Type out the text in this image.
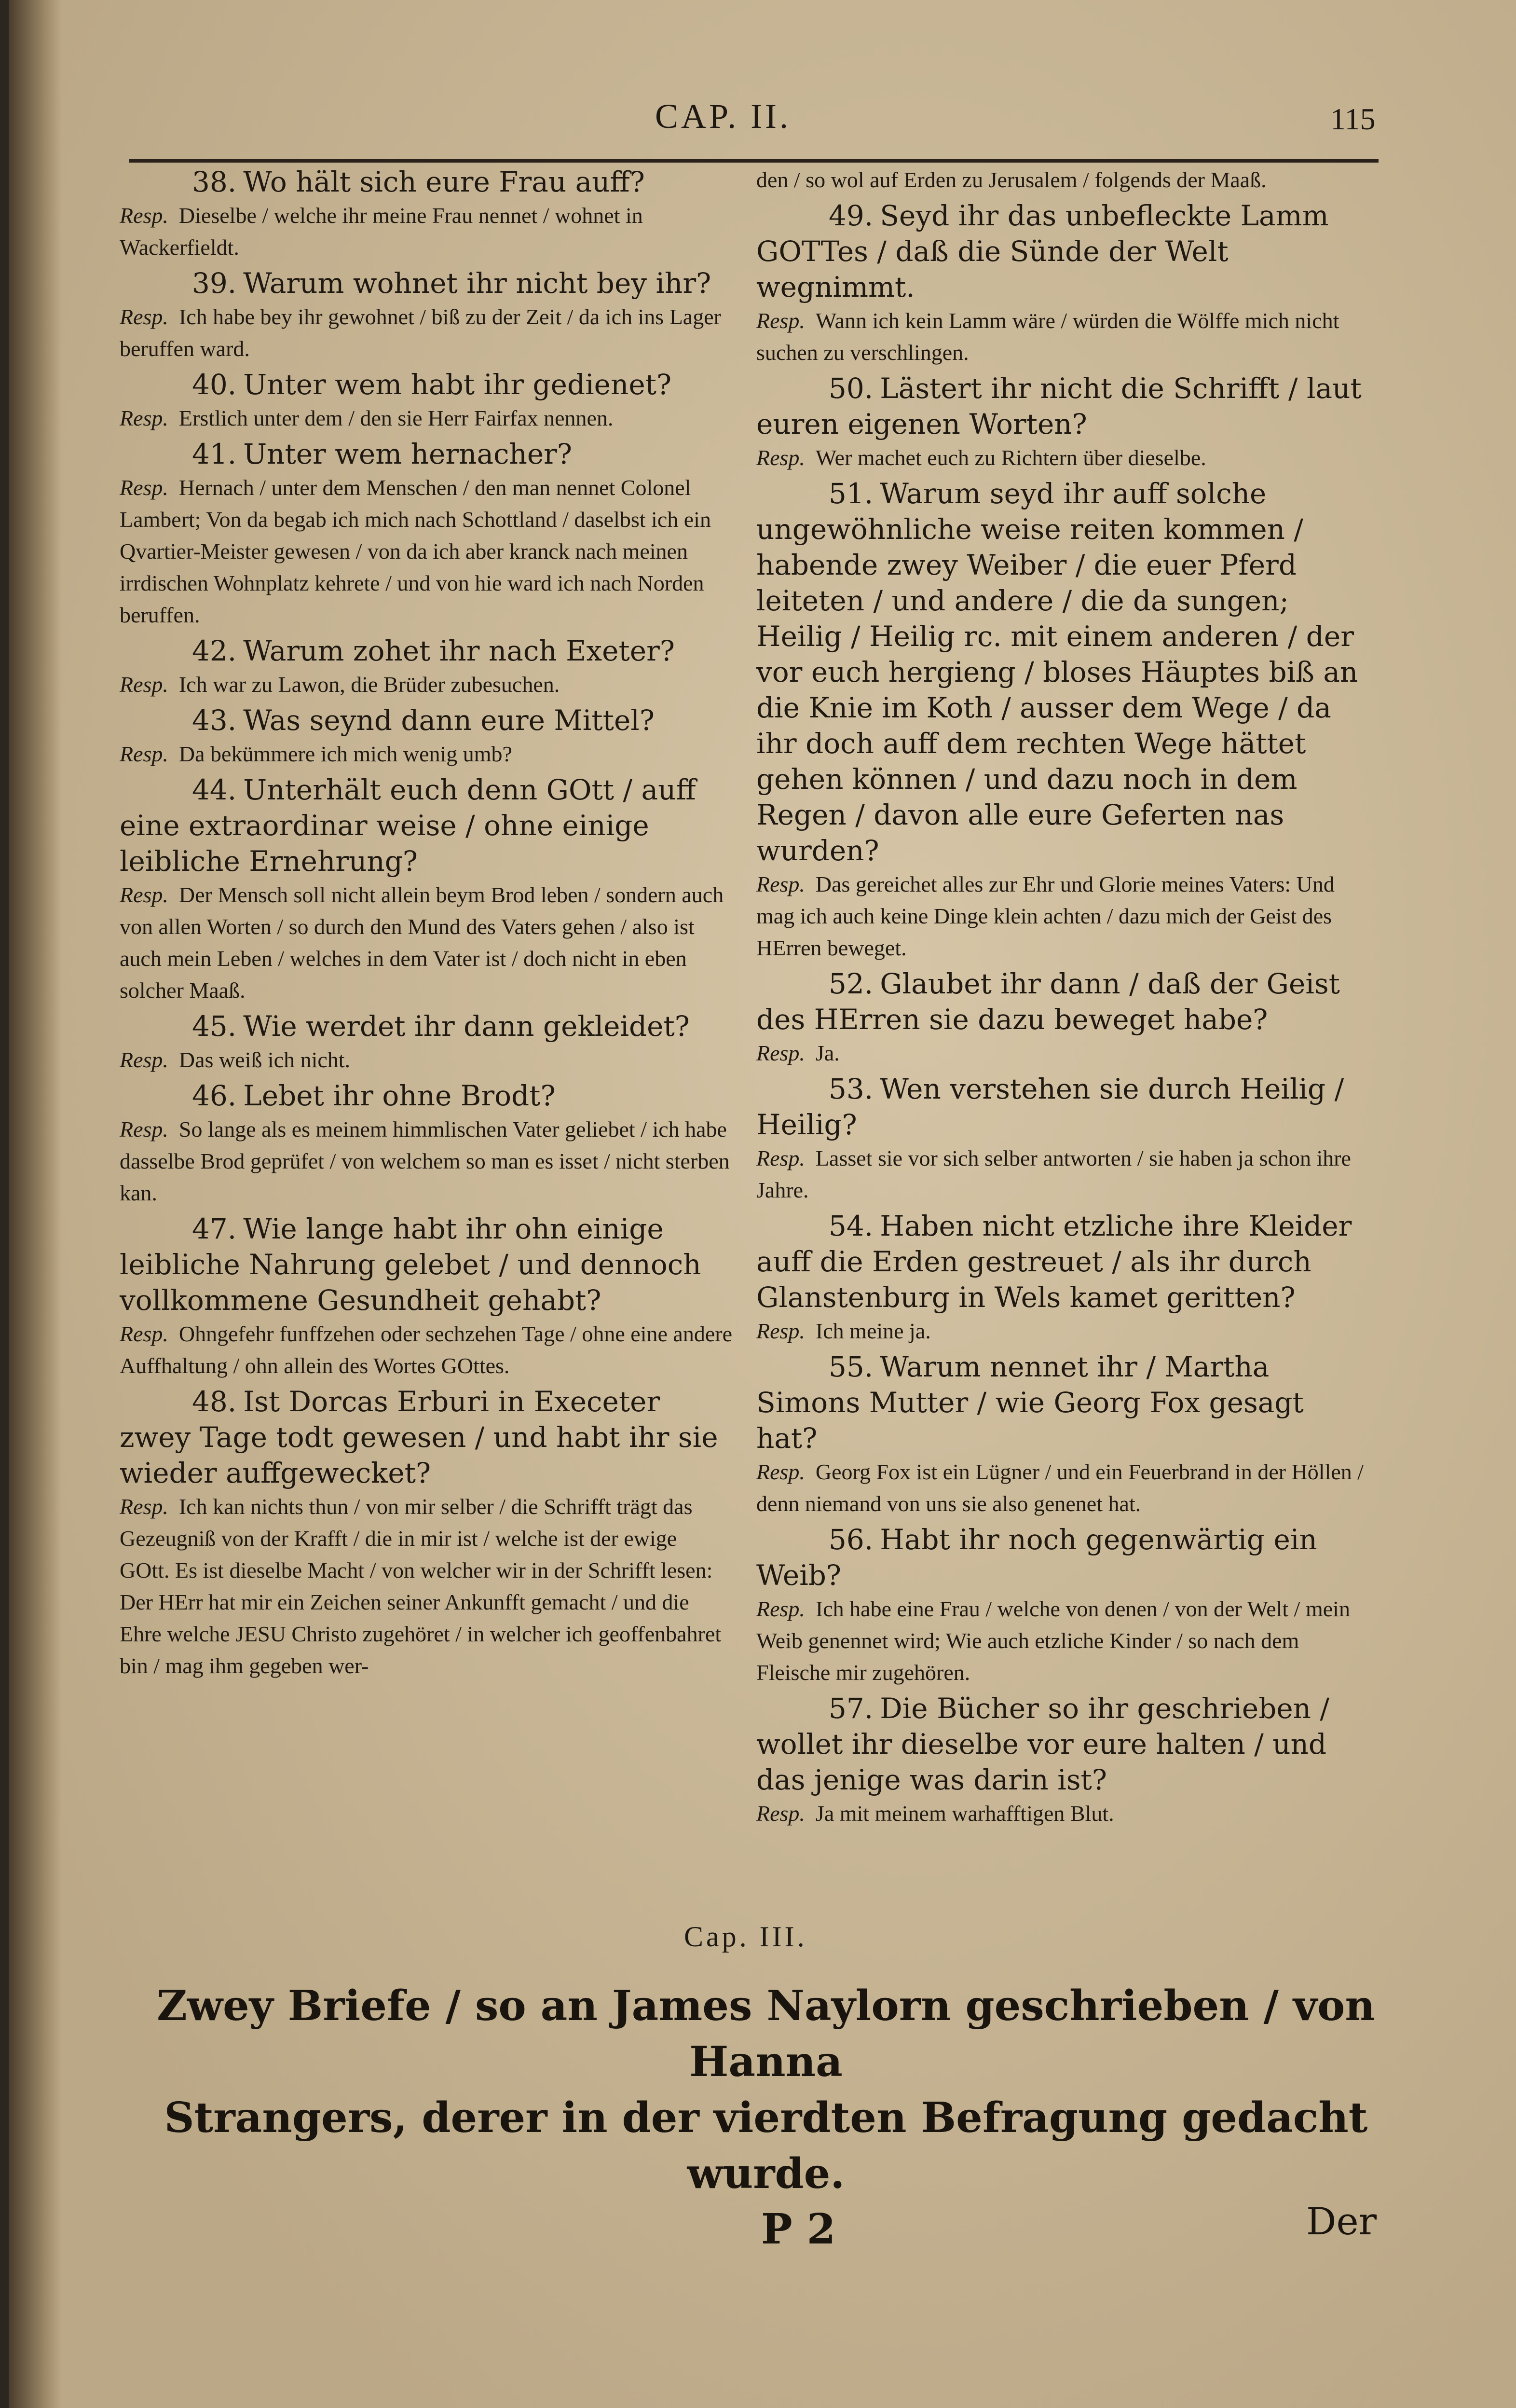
CAP. II.	115

38. Wo hält sich eure Frau auff?

Resp. Dieselbe / welche ihr meine Frau nennet / wohnet in Wackerfieldt.

39. Warum wohnet ihr nicht bey ihr?

Resp. Ich habe bey ihr gewohnet / biß zu der Zeit / da ich ins Lager beruffen ward.

40. Unter wem habt ihr gedienet?

Resp. Erstlich unter dem / den sie Herr Fairfax nennen.

41. Unter wem hernacher?

Resp. Hernach / unter dem Menschen / den man nennet Colonel Lambert; Von da begab ich mich nach Schottland / daselbst ich ein Qvartier-Meister gewesen / von da ich aber kranck nach meinen irrdischen Wohnplatz kehrete / und von hie ward ich nach Norden beruffen.

42. Warum zohet ihr nach Exeter?

Resp. Ich war zu Lawon, die Brüder zubesuchen.

43. Was seynd dann eure Mittel?

Resp. Da bekümmere ich mich wenig umb?

44. Unterhält euch denn GOtt / auff eine extraordinar weise / ohne einige leibliche Ernehrung?

Resp. Der Mensch soll nicht allein beym Brod leben / sondern auch von allen Worten / so durch den Mund des Vaters gehen / also ist auch mein Leben / welches in dem Vater ist / doch nicht in eben solcher Maaß.

45. Wie werdet ihr dann gekleidet?

Resp. Das weiß ich nicht.

46. Lebet ihr ohne Brodt?

Resp. So lange als es meinem himmlischen Vater geliebet / ich habe dasselbe Brod geprüfet / von welchem so man es isset / nicht sterben kan.

47. Wie lange habt ihr ohn einige leibliche Nahrung gelebet / und dennoch vollkommene Gesundheit gehabt?

Resp. Ohngefehr funffzehen oder sechzehen Tage / ohne eine andere Auffhaltung / ohn allein des Wortes GOttes.

48. Ist Dorcas Erburi in Execeter zwey Tage todt gewesen / und habt ihr sie wieder auffgewecket?

Resp. Ich kan nichts thun / von mir selber / die Schrifft trägt das Gezeugniß von der Krafft / die in mir ist / welche ist der ewige GOtt. Es ist dieselbe Macht / von welcher wir in der Schrifft lesen: Der HErr hat mir ein Zeichen seiner Ankunfft gemacht / und die Ehre welche JESU Christo zugehöret / in welcher ich geoffenbahret bin / mag ihm gegeben wer-

den / so wol auf Erden zu Jerusalem / folgends der Maaß.

49. Seyd ihr das unbefleckte Lamm GOTTes / daß die Sünde der Welt wegnimmt.

Resp. Wann ich kein Lamm wäre / würden die Wölffe mich nicht suchen zu verschlingen.

50. Lästert ihr nicht die Schrifft / laut euren eigenen Worten?

Resp. Wer machet euch zu Richtern über dieselbe.

51. Warum seyd ihr auff solche ungewöhnliche weise reiten kommen / habende zwey Weiber / die euer Pferd leiteten / und andere / die da sungen; Heilig / Heilig rc. mit einem anderen / der vor euch hergieng / bloses Häuptes biß an die Knie im Koth / ausser dem Wege / da ihr doch auff dem rechten Wege hättet gehen können / und dazu noch in dem Regen / davon alle eure Geferten nas wurden?

Resp. Das gereichet alles zur Ehr und Glorie meines Vaters: Und mag ich auch keine Dinge klein achten / dazu mich der Geist des HErren beweget.

52. Glaubet ihr dann / daß der Geist des HErren sie dazu beweget habe?

Resp. Ja.

53. Wen verstehen sie durch Heilig / Heilig?

Resp. Lasset sie vor sich selber antworten / sie haben ja schon ihre Jahre.

54. Haben nicht etzliche ihre Kleider auff die Erden gestreuet / als ihr durch Glanstenburg in Wels kamet geritten?

Resp. Ich meine ja.

55. Warum nennet ihr / Martha Simons Mutter / wie Georg Fox gesagt hat?

Resp. Georg Fox ist ein Lügner / und ein Feuerbrand in der Höllen / denn niemand von uns sie also genenet hat.

56. Habt ihr noch gegenwärtig ein Weib?

Resp. Ich habe eine Frau / welche von denen / von der Welt / mein Weib genennet wird; Wie auch etzliche Kinder / so nach dem Fleische mir zugehören.

57. Die Bücher so ihr geschrieben / wollet ihr dieselbe vor eure halten / und das jenige was darin ist?

Resp. Ja mit meinem warhafftigen Blut.

Cap. III.
Zwey Briefe / so an James Naylorn geschrieben / von Hanna
Strangers, derer in der vierdten Befragung gedacht
wurde.
P 2	Der
